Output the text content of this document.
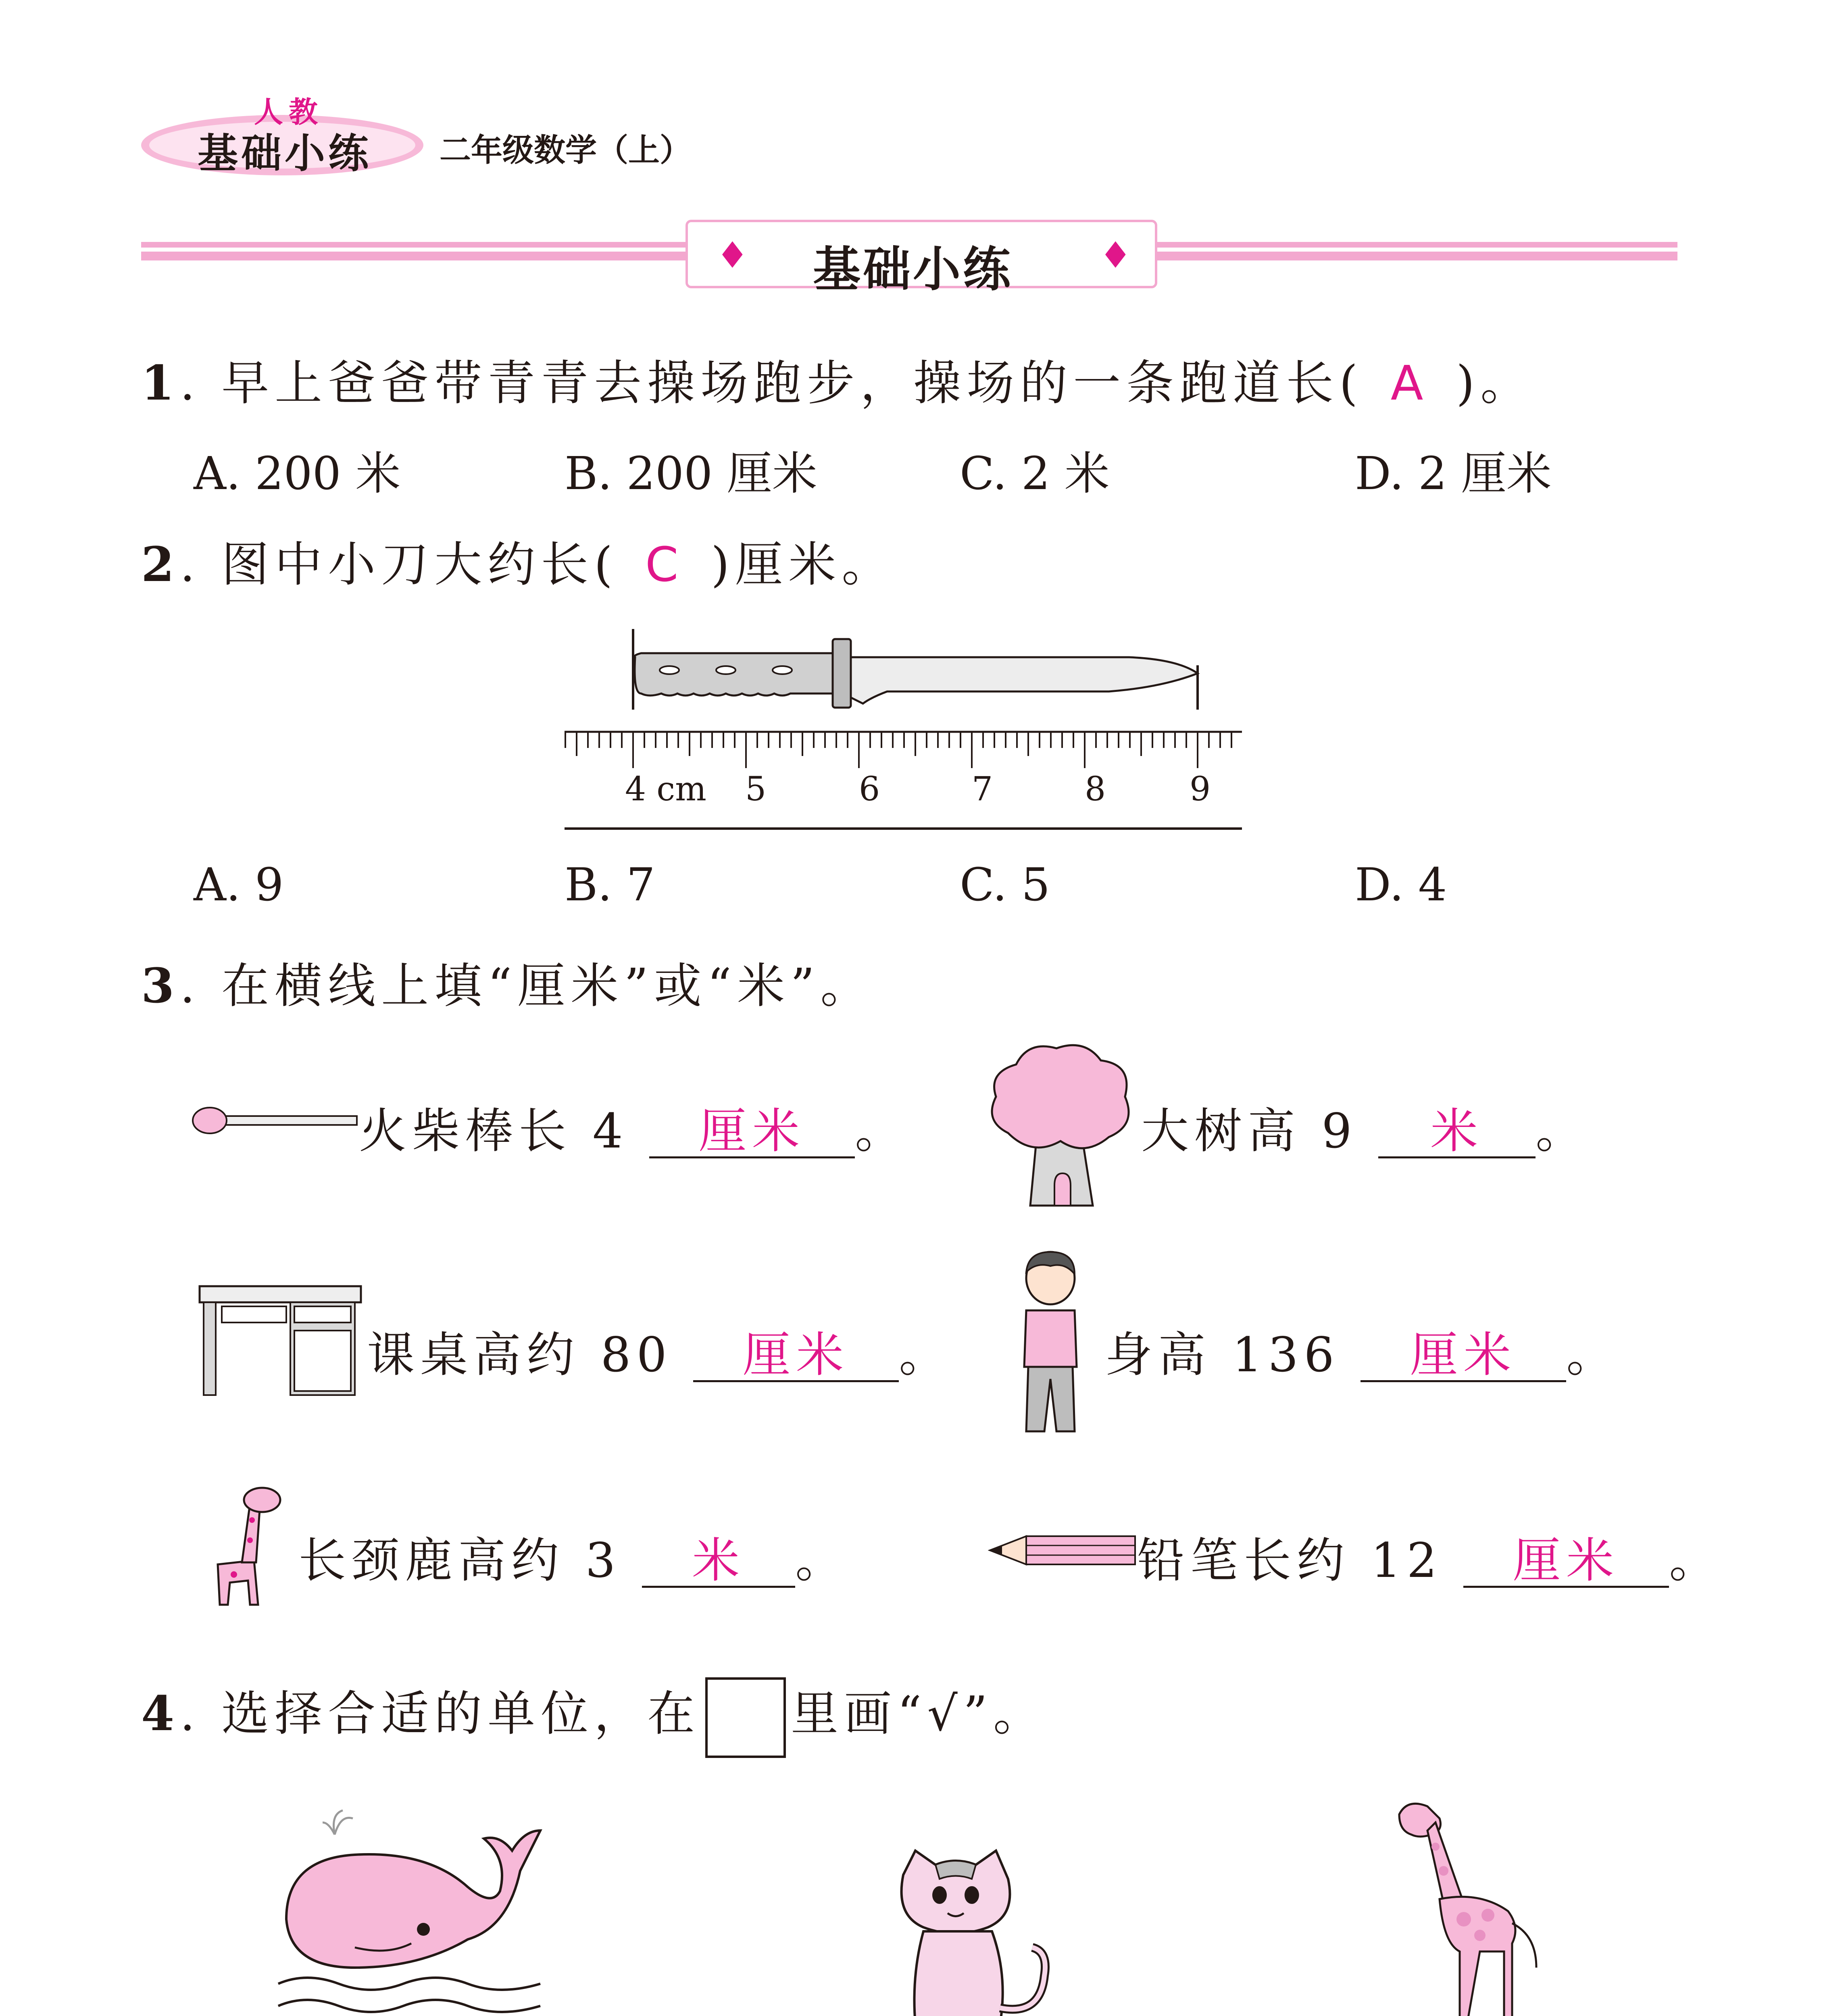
人教
基础小练 二年级数学（上）
♦ 基础小练 ♦
1. 早上爸爸带青青去操场跑步，操场的一条跑道长( A )。
A. 200 米	B. 200 厘米	C. 2 米	D. 2 厘米
2. 图中小刀大约长( C )厘米。
4 cm 5	6	7	8	9
A. 9	B. 7	C. 5	D. 4
3. 在横线上填“厘米”或“米”。
火柴棒长 4 厘米 。	大树高 9 米 。
课桌高约 80 厘米 。	身高 136 厘米 。
长颈鹿高约 3 米 。	铅笔长约 12 厘米 。
4. 选择合适的单位，在 里画“√”。
